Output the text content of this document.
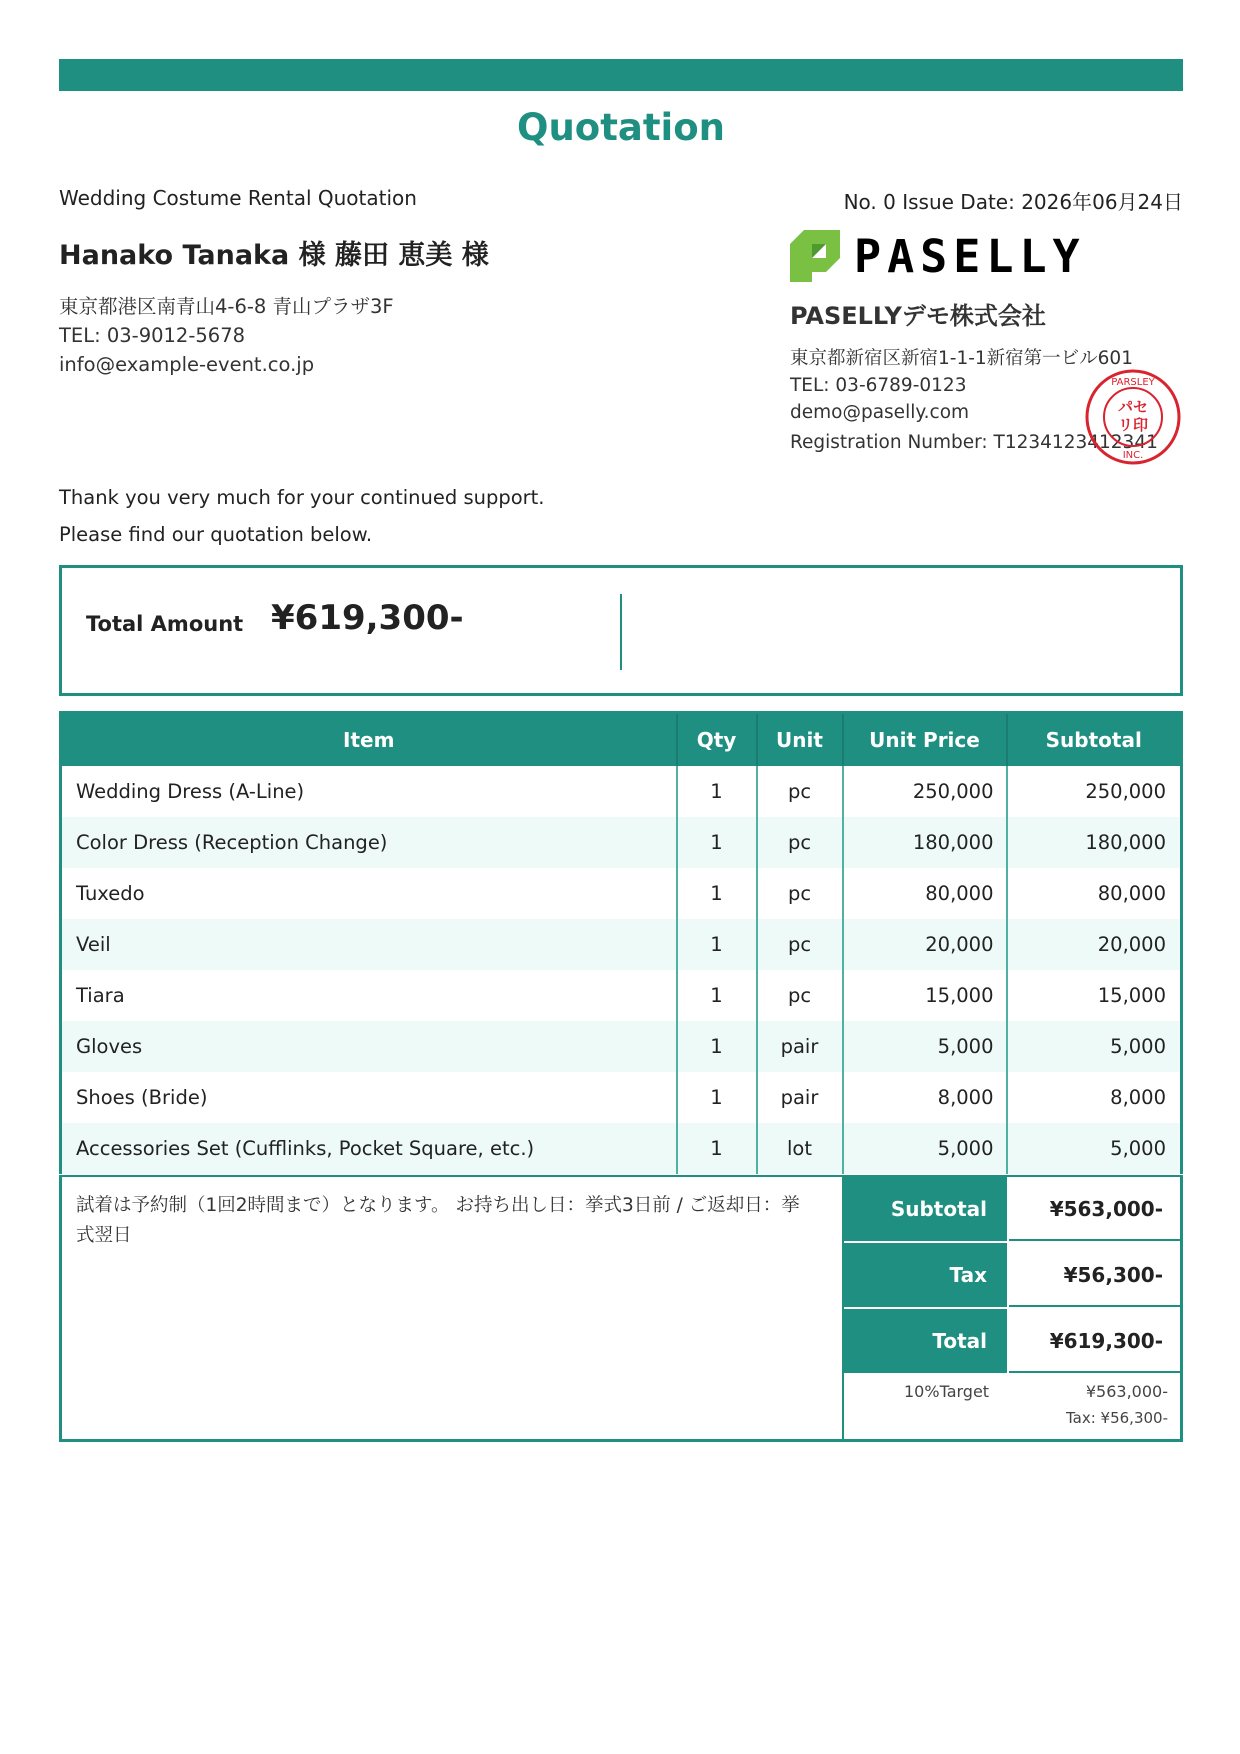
Quotation
Wedding Costume Rental Quotation	No. 0 Issue Date: 2026年06月24日
Hanako Tanaka 様 藤田 恵美 様
東京都港区南青山4-6-8 青山プラザ3F
TEL: 03-9012-5678
info@example-event.co.jp
PASELLY
PASELLYデモ株式会社
東京都新宿区新宿1-1-1新宿第一ビル601
TEL: 03-6789-0123
demo@paselly.com
Registration Number: T1234123412341
パセ
リ印
PARSLEY
INC.
Thank you very much for your continued support.
Please find our quotation below.
Total Amount ¥619,300-
Item	Qty	Unit	Unit Price	Subtotal
Wedding Dress (A-Line)	1	pc	250,000	250,000
Color Dress (Reception Change)	1	pc	180,000	180,000
Tuxedo	1	pc	80,000	80,000
Veil	1	pc	20,000	20,000
Tiara	1	pc	15,000	15,000
Gloves	1	pair	5,000	5,000
Shoes (Bride)	1	pair	8,000	8,000
Accessories Set (Cufflinks, Pocket Square, etc.)	1	lot	5,000	5,000
試着は予約制（1回2時間まで）となります。 お持ち出し日：挙式3日前 / ご返却日：挙式翌日
Subtotal	¥563,000-
Tax	¥56,300-
Total	¥619,300-
10%Target	¥563,000-
Tax: ¥56,300-
